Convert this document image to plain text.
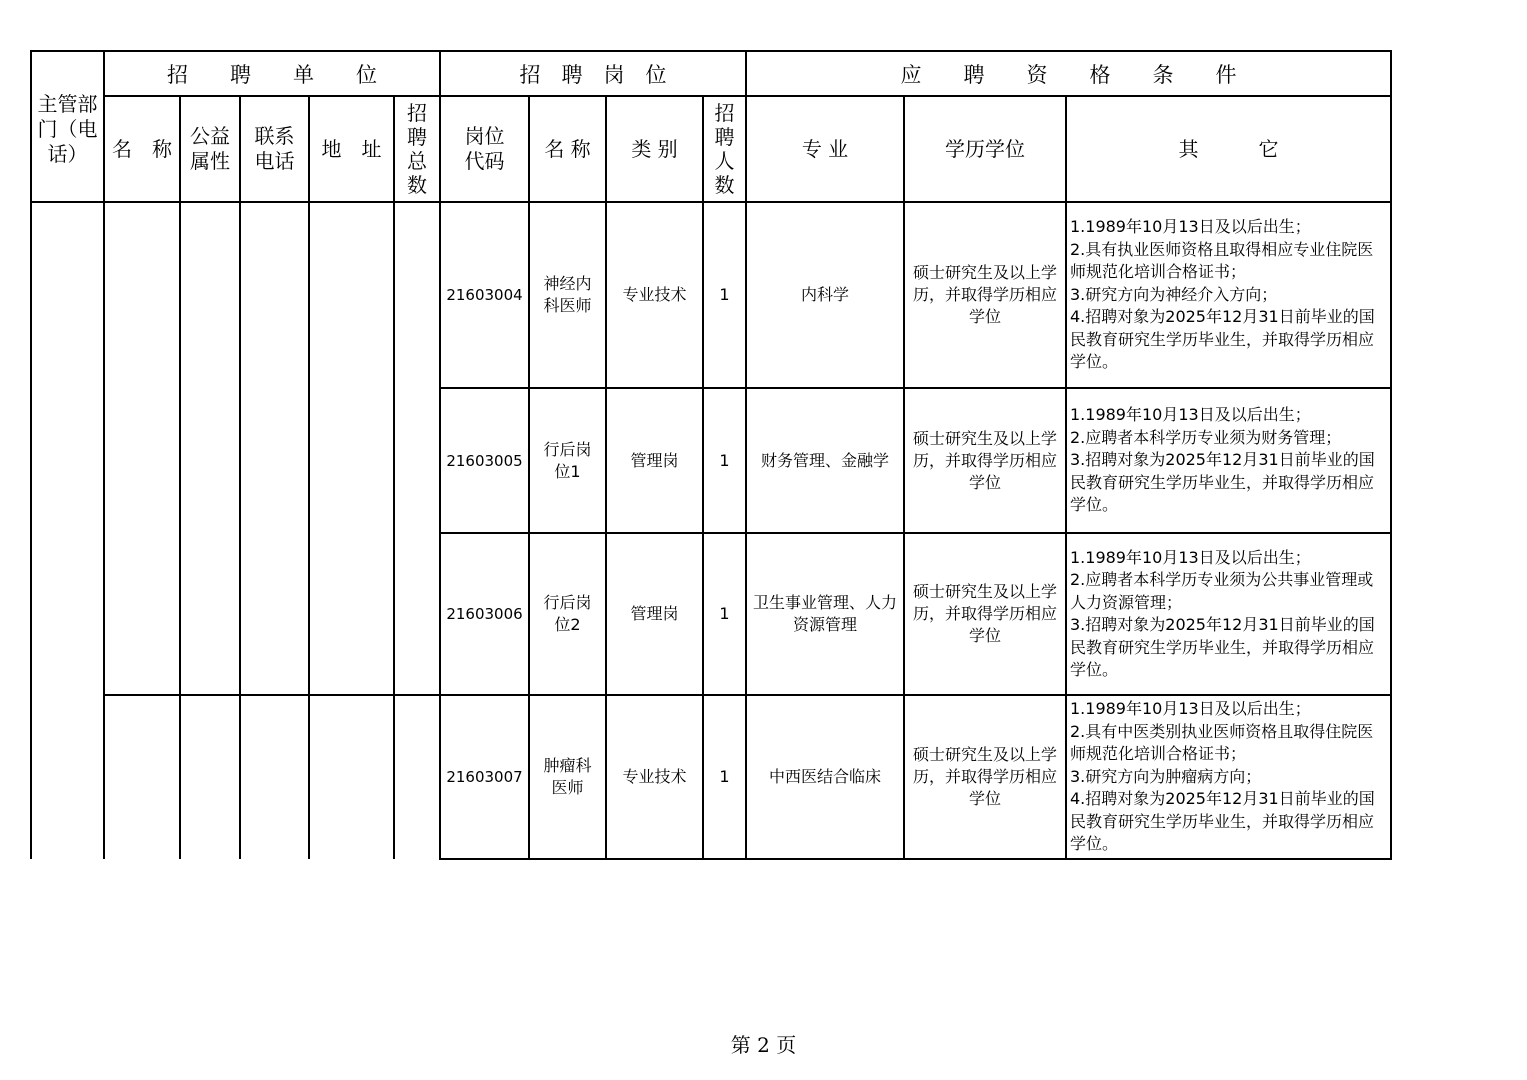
主管部门（电话）	招　　聘　　单　　位					招　聘　岗　位				应　　聘　　资　　格　　条　　件		
	名　称	公益属性	联系电话	地　址	招聘总数	岗位代码	名 称	类 别	招聘人数	专 业	学历学位	其　　　它
						21603004	神经内科医师	专业技术	1	内科学	硕士研究生及以上学历，并取得学历相应学位	1.1989年10月13日及以后出生；
2.具有执业医师资格且取得相应专业住院医师规范化培训合格证书；
3.研究方向为神经介入方向；
4.招聘对象为2025年12月31日前毕业的国民教育研究生学历毕业生，并取得学历相应学位。

						21603005	行后岗位1	管理岗	1	财务管理、金融学	硕士研究生及以上学历，并取得学历相应学位	1.1989年10月13日及以后出生；
2.应聘者本科学历专业须为财务管理；
3.招聘对象为2025年12月31日前毕业的国民教育研究生学历毕业生，并取得学历相应学位。

						21603006	行后岗位2	管理岗	1	卫生事业管理、人力资源管理	硕士研究生及以上学历，并取得学历相应学位	1.1989年10月13日及以后出生；
2.应聘者本科学历专业须为公共事业管理或人力资源管理；
3.招聘对象为2025年12月31日前毕业的国民教育研究生学历毕业生，并取得学历相应学位。

						21603007	肿瘤科医师	专业技术	1	中西医结合临床	硕士研究生及以上学历，并取得学历相应学位	1.1989年10月13日及以后出生；
2.具有中医类别执业医师资格且取得住院医师规范化培训合格证书；
3.研究方向为肿瘤病方向；
4.招聘对象为2025年12月31日前毕业的国民教育研究生学历毕业生，并取得学历相应学位。
第 2 页
